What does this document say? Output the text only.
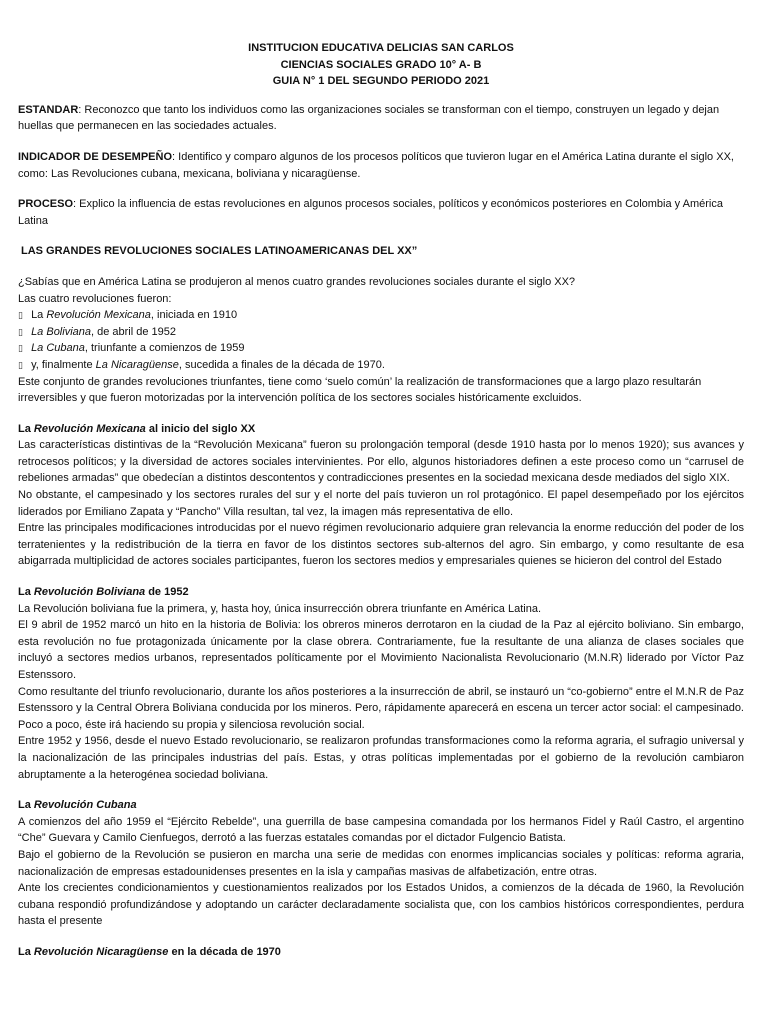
INSTITUCION EDUCATIVA DELICIAS SAN CARLOS
CIENCIAS SOCIALES GRADO 10° A- B
GUIA N° 1 DEL SEGUNDO PERIODO 2021

ESTANDAR: Reconozco que tanto los individuos como las organizaciones sociales se transforman con el tiempo, construyen un legado y dejan huellas que permanecen en las sociedades actuales.

INDICADOR DE DESEMPEÑO: Identifico y comparo algunos de los procesos políticos que tuvieron lugar en el América Latina durante el siglo XX, como: Las Revoluciones cubana, mexicana, boliviana y nicaragüense.

PROCESO: Explico la influencia de estas revoluciones en algunos procesos sociales, políticos y económicos posteriores en Colombia y América Latina

LAS GRANDES REVOLUCIONES SOCIALES LATINOAMERICANAS DEL XX”

¿Sabías que en América Latina se produjeron al menos cuatro grandes revoluciones sociales durante el siglo XX?

Las cuatro revoluciones fueron:

▯ La Revolución Mexicana, iniciada en 1910

▯ La Boliviana, de abril de 1952

▯ La Cubana, triunfante a comienzos de 1959

▯ y, finalmente La Nicaragüense, sucedida a finales de la década de 1970.

Este conjunto de grandes revoluciones triunfantes, tiene como ‘suelo común’ la realización de transformaciones que a largo plazo resultarán irreversibles y que fueron motorizadas por la intervención política de los sectores sociales históricamente excluidos.

La Revolución Mexicana al inicio del siglo XX

Las características distintivas de la “Revolución Mexicana” fueron su prolongación temporal (desde 1910 hasta por lo menos 1920); sus avances y retrocesos políticos; y la diversidad de actores sociales intervinientes. Por ello, algunos historiadores definen a este proceso como un “carrusel de rebeliones armadas” que obedecían a distintos descontentos y contradicciones presentes en la sociedad mexicana desde mediados del siglo XIX.

No obstante, el campesinado y los sectores rurales del sur y el norte del país tuvieron un rol protagónico. El papel desempeñado por los ejércitos liderados por Emiliano Zapata y “Pancho” Villa resultan, tal vez, la imagen más representativa de ello.

Entre las principales modificaciones introducidas por el nuevo régimen revolucionario adquiere gran relevancia la enorme reducción del poder de los terratenientes y la redistribución de la tierra en favor de los distintos sectores sub-alternos del agro. Sin embargo, y como resultante de esa abigarrada multiplicidad de actores sociales participantes, fueron los sectores medios y empresariales quienes se hicieron del control del Estado

La Revolución Boliviana de 1952

La Revolución boliviana fue la primera, y, hasta hoy, única insurrección obrera triunfante en América Latina.

El 9 abril de 1952 marcó un hito en la historia de Bolivia: los obreros mineros derrotaron en la ciudad de la Paz al ejército boliviano. Sin embargo, esta revolución no fue protagonizada únicamente por la clase obrera. Contrariamente, fue la resultante de una alianza de clases sociales que incluyó a sectores medios urbanos, representados políticamente por el Movimiento Nacionalista Revolucionario (M.N.R) liderado por Víctor Paz Estenssoro.

Como resultante del triunfo revolucionario, durante los años posteriores a la insurrección de abril, se instauró un “co-gobierno” entre el M.N.R de Paz Estenssoro y la Central Obrera Boliviana conducida por los mineros. Pero, rápidamente aparecerá en escena un tercer actor social: el campesinado. Poco a poco, éste irá haciendo su propia y silenciosa revolución social.

Entre 1952 y 1956, desde el nuevo Estado revolucionario, se realizaron profundas transformaciones como la reforma agraria, el sufragio universal y la nacionalización de las principales industrias del país. Estas, y otras políticas implementadas por el gobierno de la revolución cambiaron abruptamente a la heterogénea sociedad boliviana.

La Revolución Cubana

A comienzos del año 1959 el “Ejército Rebelde”, una guerrilla de base campesina comandada por los hermanos Fidel y Raúl Castro, el argentino “Che” Guevara y Camilo Cienfuegos, derrotó a las fuerzas estatales comandas por el dictador Fulgencio Batista.

Bajo el gobierno de la Revolución se pusieron en marcha una serie de medidas con enormes implicancias sociales y políticas: reforma agraria, nacionalización de empresas estadounidenses presentes en la isla y campañas masivas de alfabetización, entre otras.

Ante los crecientes condicionamientos y cuestionamientos realizados por los Estados Unidos, a comienzos de la década de 1960, la Revolución cubana respondió profundizándose y adoptando un carácter declaradamente socialista que, con los cambios históricos correspondientes, perdura hasta el presente

La Revolución Nicaragüense en la década de 1970
